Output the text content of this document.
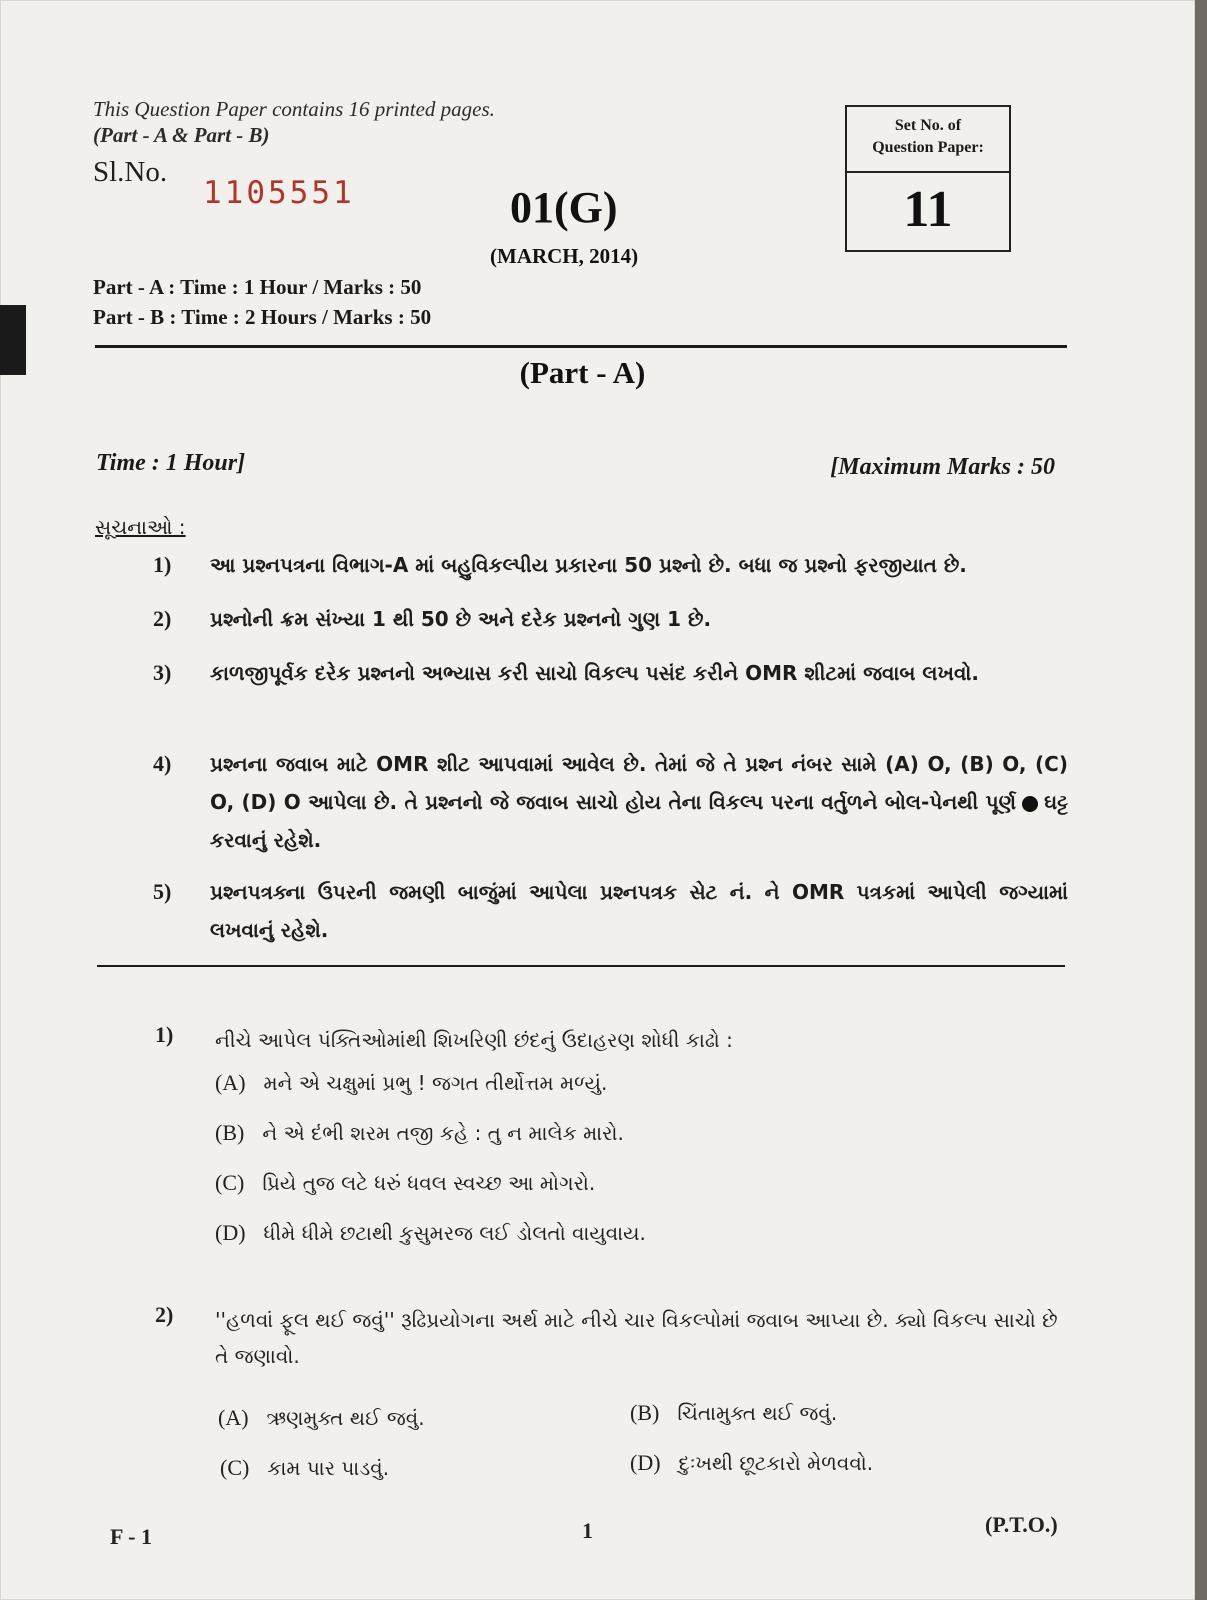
This Question Paper contains 16 printed pages.
(Part - A & Part - B)
Sl.No.
1105551	01(G)
(MARCH, 2014)
Set No. of
Question Paper:
11
Part - A : Time : 1 Hour / Marks : 50
Part - B : Time : 2 Hours / Marks : 50
(Part - A)
Time : 1 Hour]	[Maximum Marks : 50
સૂચનાઓ :
1) આ પ્રશ્નપત્રના વિભાગ-A માં બહુવિકલ્પીય પ્રકારના 50 પ્રશ્નો છે. બધા જ પ્રશ્નો ફરજીયાત છે.
2) પ્રશ્નોની ક્રમ સંખ્યા 1 થી 50 છે અને દરેક પ્રશ્નનો ગુણ 1 છે.
3) કાળજીપૂર્વક દરેક પ્રશ્નનો અભ્યાસ કરી સાચો વિકલ્પ પસંદ કરીને OMR શીટમાં જવાબ લખવો.
4) પ્રશ્નના જવાબ માટે OMR શીટ આપવામાં આવેલ છે. તેમાં જે તે પ્રશ્ન નંબર સામે (A) O, (B) O, (C) O, (D) O આપેલા છે. તે પ્રશ્નનો જે જવાબ સાચો હોય તેના વિકલ્પ પરના વર્તુળને બોલ-પેનથી પૂર્ણ ઘટ્ટ કરવાનું રહેશે.
5) પ્રશ્નપત્રક્ના ઉપરની જમણી બાજુંમાં આપેલા પ્રશ્નપત્રક સેટ નં. ને OMR પત્રકમાં આપેલી જગ્યામાં લખવાનું રહેશે.
1) નીચે આપેલ પંક્તિઓમાંથી શિખરિણી છંદનું ઉદાહરણ શોધી કાઢો :
(A) મને એ ચક્ષુમાં પ્રભુ ! જગત તીર્થોત્તમ મળ્યું.
(B) ને એ દંભી શરમ તજી કહે : તુ ન માલેક મારો.
(C) પ્રિયે તુજ લટે ધરું ધવલ સ્વચ્છ આ મોગરો.
(D) ધીમે ધીમે છટાથી કુસુમરજ લઈ ડોલતો વાયુવાય.
2) ''હળવાં ફૂલ થઈ જવું'' રૂઢિપ્રયોગના અર્થ માટે નીચે ચાર વિકલ્પોમાં જવાબ આપ્યા છે. ક્યો વિકલ્પ સાચો છે તે જણાવો.
(A) ઋણમુક્ત થઈ જવું.	(B) ચિંતામુક્ત થઈ જવું.
(C) કામ પાર પાડવું.	(D) દુઃખથી છૂટકારો મેળવવો.
F - 1	1	(P.T.O.)
